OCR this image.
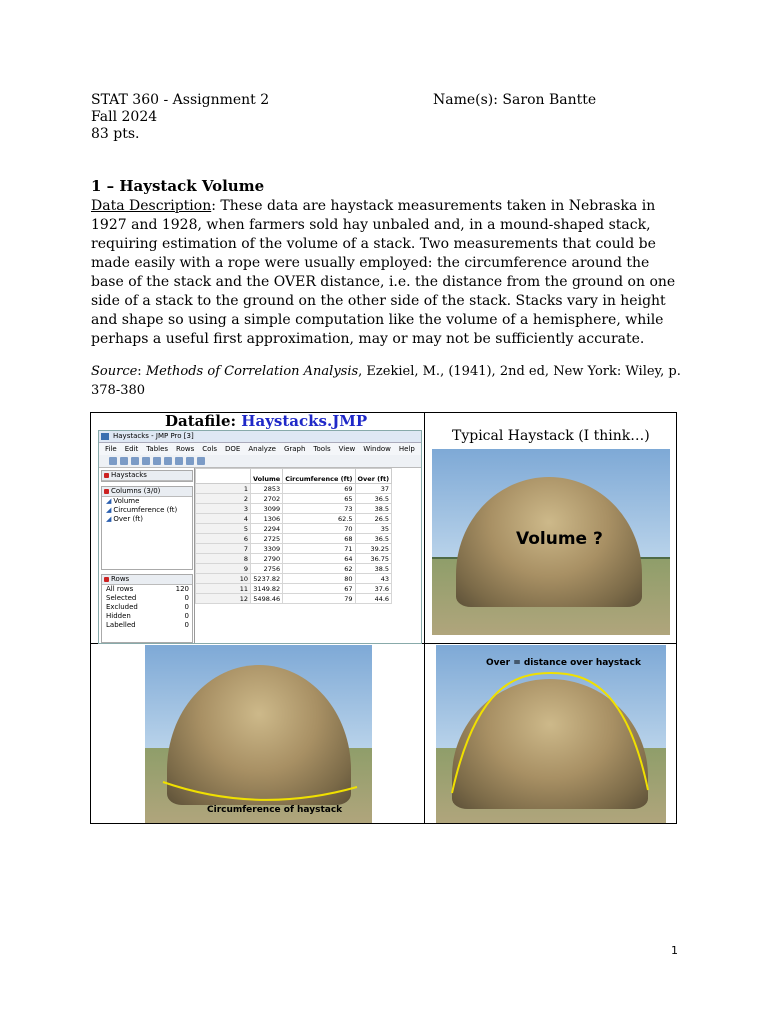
STAT 360 - Assignment 2	Name(s): Saron Bantte
Fall 2024
83 pts.
1 – Haystack Volume
Data Description: These data are haystack measurements taken in Nebraska in 1927 and 1928, when farmers sold hay unbaled and, in a mound-shaped stack, requiring estimation of the volume of a stack. Two measurements that could be made easily with a rope were usually employed: the circumference around the base of the stack and the OVER distance, i.e. the distance from the ground on one side of a stack to the ground on the other side of the stack. Stacks vary in height and shape so using a simple computation like the volume of a hemisphere, while perhaps a useful first approximation, may or may not be sufficiently accurate.
Source: Methods of Correlation Analysis, Ezekiel, M., (1941), 2nd ed, New York: Wiley, p. 378-380
Datafile: Haystacks.JMP
Haystacks - JMP Pro [3]
File Edit Tables Rows Cols DOE Analyze Graph Tools View Window Help
Haystacks
Columns (3/0)
◢ Volume
◢ Circumference (ft)
◢ Over (ft)
Rows
All rows	120
Selected	0
Excluded	0
Hidden	0
Labelled	0
	Volume	Circumference (ft)	Over (ft)
1	2853	69	37
2	2702	65	36.5
3	3099	73	38.5
4	1306	62.5	26.5
5	2294	70	35
6	2725	68	36.5
7	3309	71	39.25
8	2790	64	36.75
9	2756	62	38.5
10	5237.82	80	43
11	3149.82	67	37.6
12	5498.46	79	44.6
Typical Haystack (I think…)
Volume ?
Circumference of haystack
Over = distance over haystack
1
